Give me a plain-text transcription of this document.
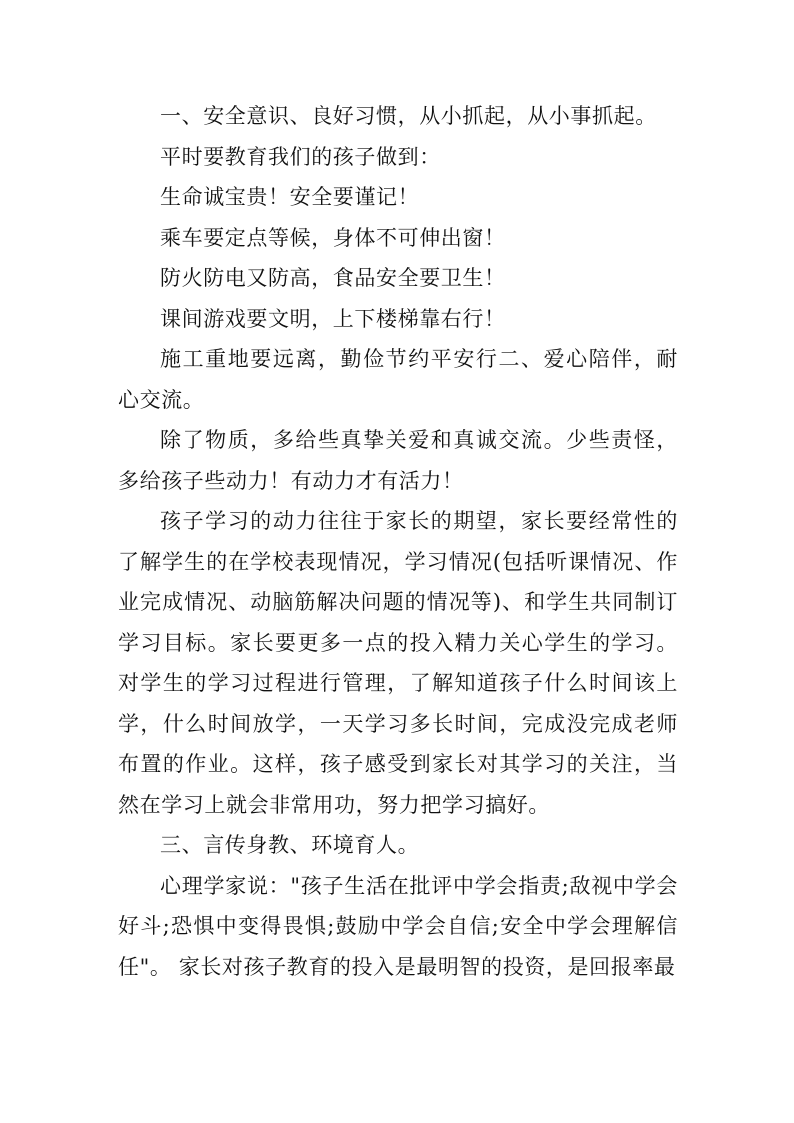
一、安全意识、良好习惯，从小抓起，从小事抓起。

平时要教育我们的孩子做到：

生命诚宝贵！安全要谨记！

乘车要定点等候，身体不可伸出窗！

防火防电又防高，食品安全要卫生！

课间游戏要文明，上下楼梯靠右行！

施工重地要远离，勤俭节约平安行二、爱心陪伴，耐心交流。

除了物质，多给些真挚关爱和真诚交流。少些责怪，多给孩子些动力！有动力才有活力！

孩子学习的动力往往于家长的期望，家长要经常性的了解学生的在学校表现情况，学习情况(包括听课情况、作业完成情况、动脑筋解决问题的情况等)、和学生共同制订学习目标。家长要更多一点的投入精力关心学生的学习。对学生的学习过程进行管理，了解知道孩子什么时间该上学，什么时间放学，一天学习多长时间，完成没完成老师布置的作业。这样，孩子感受到家长对其学习的关注，当然在学习上就会非常用功，努力把学习搞好。

三、言传身教、环境育人。

心理学家说："孩子生活在批评中学会指责;敌视中学会好斗;恐惧中变得畏惧;鼓励中学会自信;安全中学会理解信任"。 家长对孩子教育的投入是最明智的投资，是回报率最
